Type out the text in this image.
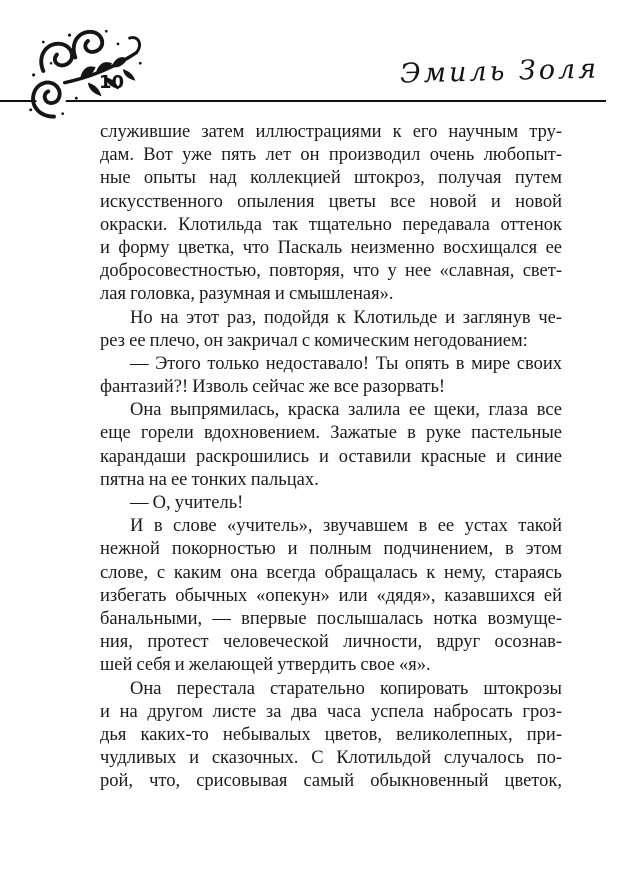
10	Эмиль Золя
служившие затем иллюстрациями к его научным тру-
дам. Вот уже пять лет он производил очень любопыт-
ные опыты над коллекцией штокроз, получая путем
искусственного опыления цветы все новой и новой
окраски. Клотильда так тщательно передавала оттенок
и форму цветка, что Паскаль неизменно восхищался ее
добросовестностью, повторяя, что у нее «славная, свет-
лая головка, разумная и смышленая».
Но на этот раз, подойдя к Клотильде и заглянув че-
рез ее плечо, он закричал с комическим негодованием:
— Этого только недоставало! Ты опять в мире своих
фантазий?! Изволь сейчас же все разорвать!
Она выпрямилась, краска залила ее щеки, глаза все
еще горели вдохновением. Зажатые в руке пастельные
карандаши раскрошились и оставили красные и синие
пятна на ее тонких пальцах.
— О, учитель!
И в слове «учитель», звучавшем в ее устах такой
нежной покорностью и полным подчинением, в этом
слове, с каким она всегда обращалась к нему, стараясь
избегать обычных «опекун» или «дядя», казавшихся ей
банальными, — впервые послышалась нотка возмуще-
ния, протест человеческой личности, вдруг осознав-
шей себя и желающей утвердить свое «я».
Она перестала старательно копировать штокрозы
и на другом листе за два часа успела набросать гроз-
дья каких-то небывалых цветов, великолепных, при-
чудливых и сказочных. С Клотильдой случалось по-
рой, что, срисовывая самый обыкновенный цветок,
